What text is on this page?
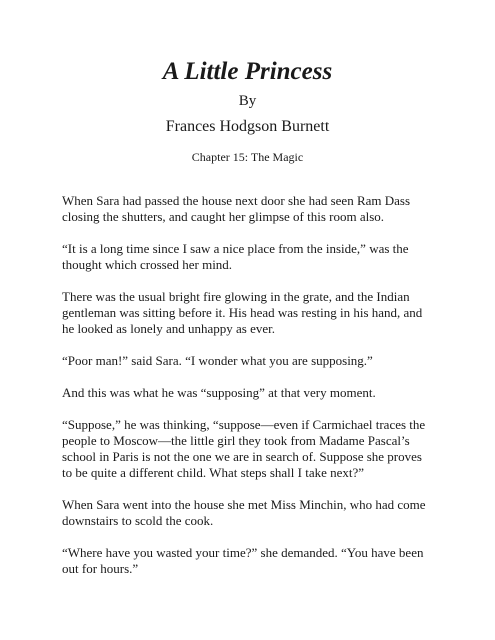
A Little Princess

By

Frances Hodgson Burnett

Chapter 15: The Magic

When Sara had passed the house next door she had seen Ram Dass closing the shutters, and caught her glimpse of this room also.

“It is a long time since I saw a nice place from the inside,” was the thought which crossed her mind.

There was the usual bright fire glowing in the grate, and the Indian gentleman was sitting before it. His head was resting in his hand, and he looked as lonely and unhappy as ever.

“Poor man!” said Sara. “I wonder what you are supposing.”

And this was what he was “supposing” at that very moment.

“Suppose,” he was thinking, “suppose—even if Carmichael traces the people to Moscow—the little girl they took from Madame Pascal’s school in Paris is not the one we are in search of. Suppose she proves to be quite a different child. What steps shall I take next?”

When Sara went into the house she met Miss Minchin, who had come downstairs to scold the cook.

“Where have you wasted your time?” she demanded. “You have been out for hours.”
